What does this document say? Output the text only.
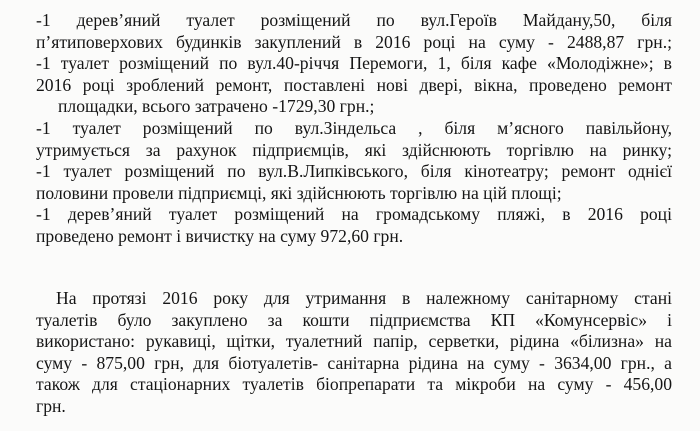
-1 дерев’яний туалет розміщений по вул.Героїв Майдану,50, біля
п’ятиповерхових будинків закуплений в 2016 році на суму - 2488,87 грн.;
-1 туалет розміщений по вул.40-річчя Перемоги, 1, біля кафе «Молодіжне»; в
2016 році зроблений ремонт, поставлені нові двері, вікна, проведено ремонт
площадки, всього затрачено -1729,30 грн.;
-1 туалет розміщений по вул.Зіндельса , біля м’ясного павільйону,
утримується за рахунок підприємців, які здійснюють торгівлю на ринку;
-1 туалет розміщений по вул.В.Липківського, біля кінотеатру; ремонт однієї
половини провели підприємці, які здійснюють торгівлю на цій площі;
-1 дерев’яний туалет розміщений на громадському пляжі, в 2016 році
проведено ремонт і вичистку на суму 972,60 грн.
На протязі 2016 року для утримання в належному санітарному стані
туалетів було закуплено за кошти підприємства КП «Комунсервіс» і
використано: рукавиці, щітки, туалетний папір, серветки, рідина «білизна» на
суму - 875,00 грн, для біотуалетів- санітарна рідина на суму - 3634,00 грн., а
також для стаціонарних туалетів біопрепарати та мікроби на суму - 456,00
грн.
